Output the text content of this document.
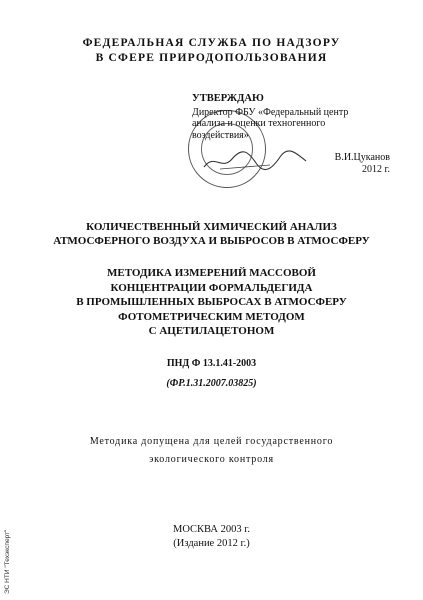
ФЕДЕРАЛЬНАЯ СЛУЖБА ПО НАДЗОРУ
В СФЕРЕ ПРИРОДОПОЛЬЗОВАНИЯ
УТВЕРЖДАЮ
Директор ФБУ «Федеральный центр
анализа и оценки техногенного
воздействия»
В.И.Цуканов
2012 г.
КОЛИЧЕСТВЕННЫЙ ХИМИЧЕСКИЙ АНАЛИЗ
АТМОСФЕРНОГО ВОЗДУХА И ВЫБРОСОВ В АТМОСФЕРУ
МЕТОДИКА ИЗМЕРЕНИЙ МАССОВОЙ
КОНЦЕНТРАЦИИ ФОРМАЛЬДЕГИДА
В ПРОМЫШЛЕННЫХ ВЫБРОСАХ В АТМОСФЕРУ
ФОТОМЕТРИЧЕСКИМ МЕТОДОМ
С АЦЕТИЛАЦЕТОНОМ
ПНД Ф 13.1.41-2003
(ФР.1.31.2007.03825)
Методика допущена для целей государственного
экологического контроля
МОСКВА 2003 г.
(Издание 2012 г.)
ЭС НТИ "Техэксперт"
